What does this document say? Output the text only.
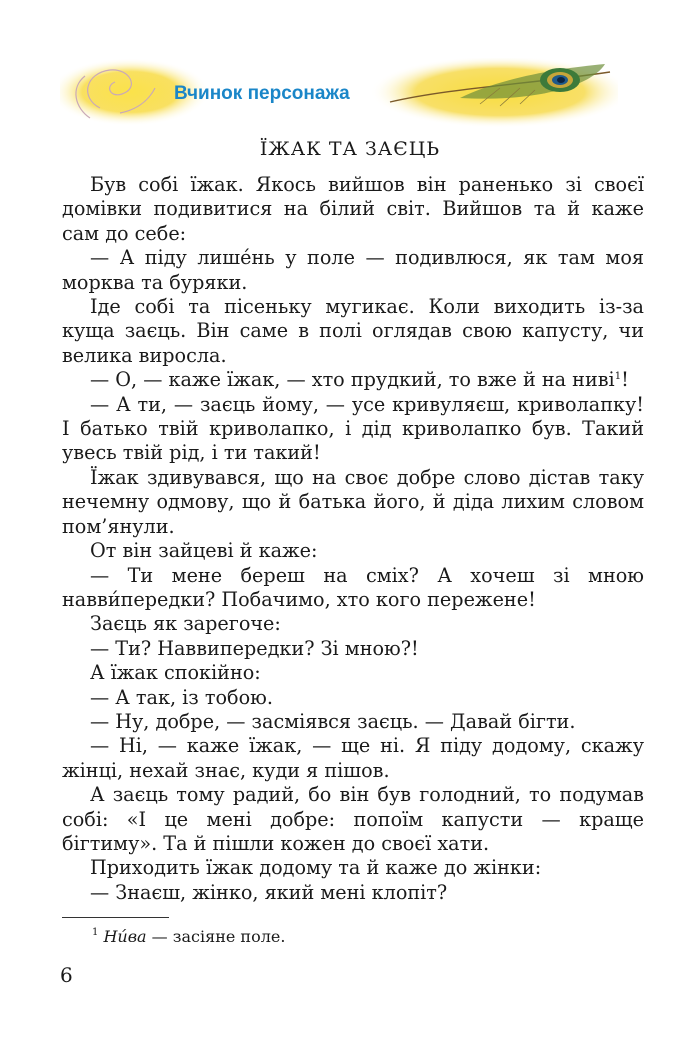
Вчинок персонажа
ЇЖАК ТА ЗАЄЦЬ

Був собі їжак. Якось вийшов він раненько зі своєї домівки подивитися на білий світ. Вийшов та й каже сам до себе:

— А піду лише́нь у поле — подивлюся, як там моя морква та буряки.

Іде собі та пісеньку мугикає. Коли виходить із-за куща заєць. Він саме в полі оглядав свою капусту, чи велика виросла.

— О, — каже їжак, — хто прудкий, то вже й на ниві$^1$!

— А ти, — заєць йому, — усе кривуляєш, криволапку! І батько твій криволапко, і дід криволапко був. Такий увесь твій рід, і ти такий!

Їжак здивувався, що на своє добре слово дістав таку нечемну одмову, що й батька його, й діда лихим словом пом’янули.

От він зайцеві й каже:

— Ти мене береш на сміх? А хочеш зі мною навви́передки? Побачимо, хто кого пережене!

Заєць як зарегоче:

— Ти? Наввипередки? Зі мною?!

А їжак спокійно:

— А так, із тобою.

— Ну, добре, — засміявся заєць. — Давай бігти.

— Ні, — каже їжак, — ще ні. Я піду додому, скажу жінці, нехай знає, куди я пішов.

А заєць тому радий, бо він був голодний, то подумав собі: «І це мені добре: попоїм капусти — краще бігтиму». Та й пішли кожен до своєї хати.

Приходить їжак додому та й каже до жінки:

— Знаєш, жінко, який мені клопіт?

$^1$ Ни́ва — засіяне поле.
6
